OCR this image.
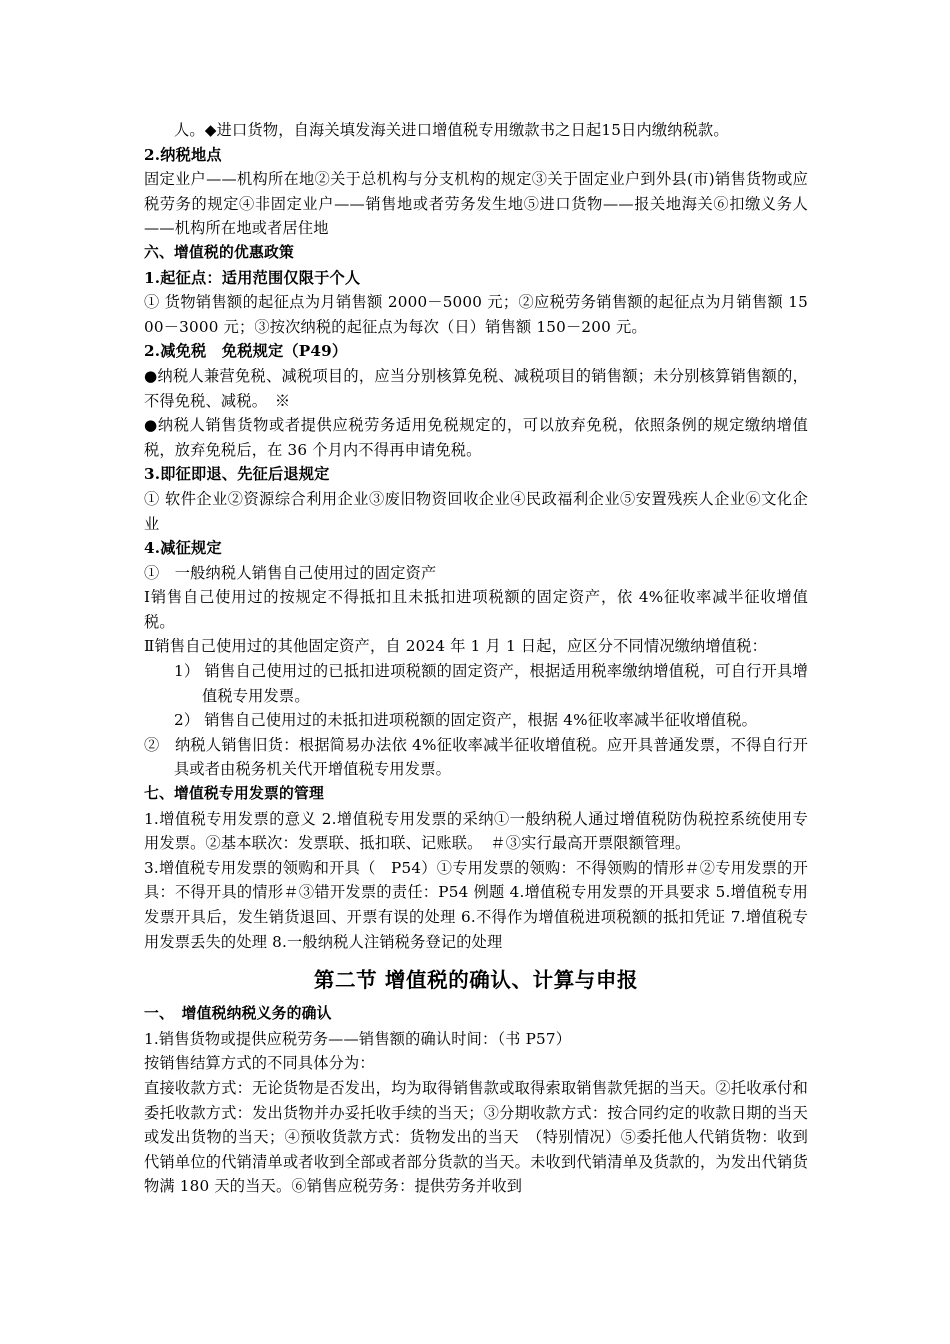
人。◆进口货物，自海关填发海关进口增值税专用缴款书之日起15日内缴纳税款。

2.纳税地点

固定业户——机构所在地②关于总机构与分支机构的规定③关于固定业户到外县(市)销售货物或应税劳务的规定④非固定业户——销售地或者劳务发生地⑤进口货物——报关地海关⑥扣缴义务人 ——机构所在地或者居住地

六、增值税的优惠政策

1.起征点：适用范围仅限于个人

① 货物销售额的起征点为月销售额 2000－5000 元；②应税劳务销售额的起征点为月销售额 1500－3000 元；③按次纳税的起征点为每次（日）销售额 150－200 元。

2.减免税　免税规定（P49）

●纳税人兼营免税、减税项目的，应当分别核算免税、减税项目的销售额；未分别核算销售额的，不得免税、减税。　※

●纳税人销售货物或者提供应税劳务适用免税规定的，可以放弃免税，依照条例的规定缴纳增值税，放弃免税后，在 36 个月内不得再申请免税。

3.即征即退、先征后退规定

① 软件企业②资源综合利用企业③废旧物资回收企业④民政福利企业⑤安置残疾人企业⑥文化企业

4.减征规定

①　一般纳税人销售自己使用过的固定资产

Ⅰ销售自己使用过的按规定不得抵扣且未抵扣进项税额的固定资产，依 4%征收率减半征收增值税。

Ⅱ销售自己使用过的其他固定资产，自 2024 年 1 月 1 日起，应区分不同情况缴纳增值税：

1） 销售自己使用过的已抵扣进项税额的固定资产，根据适用税率缴纳增值税，可自行开具增值税专用发票。

2） 销售自己使用过的未抵扣进项税额的固定资产，根据 4%征收率减半征收增值税。

②　纳税人销售旧货：根据简易办法依 4%征收率减半征收增值税。应开具普通发票，不得自行开具或者由税务机关代开增值税专用发票。

七、增值税专用发票的管理

1.增值税专用发票的意义 2.增值税专用发票的采纳①一般纳税人通过增值税防伪税控系统使用专用发票。②基本联次：发票联、抵扣联、记账联。　＃③实行最高开票限额管理。

3.增值税专用发票的领购和开具（　P54）①专用发票的领购：不得领购的情形＃②专用发票的开具：不得开具的情形＃③错开发票的责任：P54 例题 4.增值税专用发票的开具要求 5.增值税专用发票开具后，发生销货退回、开票有误的处理 6.不得作为增值税进项税额的抵扣凭证 7.增值税专用发票丢失的处理 8.一般纳税人注销税务登记的处理

第二节 增值税的确认、计算与申报

一、　增值税纳税义务的确认

1.销售货物或提供应税劳务——销售额的确认时间：（书 P57）

按销售结算方式的不同具体分为：

直接收款方式：无论货物是否发出，均为取得销售款或取得索取销售款凭据的当天。②托收承付和委托收款方式：发出货物并办妥托收手续的当天；③分期收款方式：按合同约定的收款日期的当天或发出货物的当天；④预收货款方式：货物发出的当天　（特别情况）⑤委托他人代销货物：收到代销单位的代销清单或者收到全部或者部分货款的当天。未收到代销清单及货款的，为发出代销货物满 180 天的当天。⑥销售应税劳务：提供劳务并收到
